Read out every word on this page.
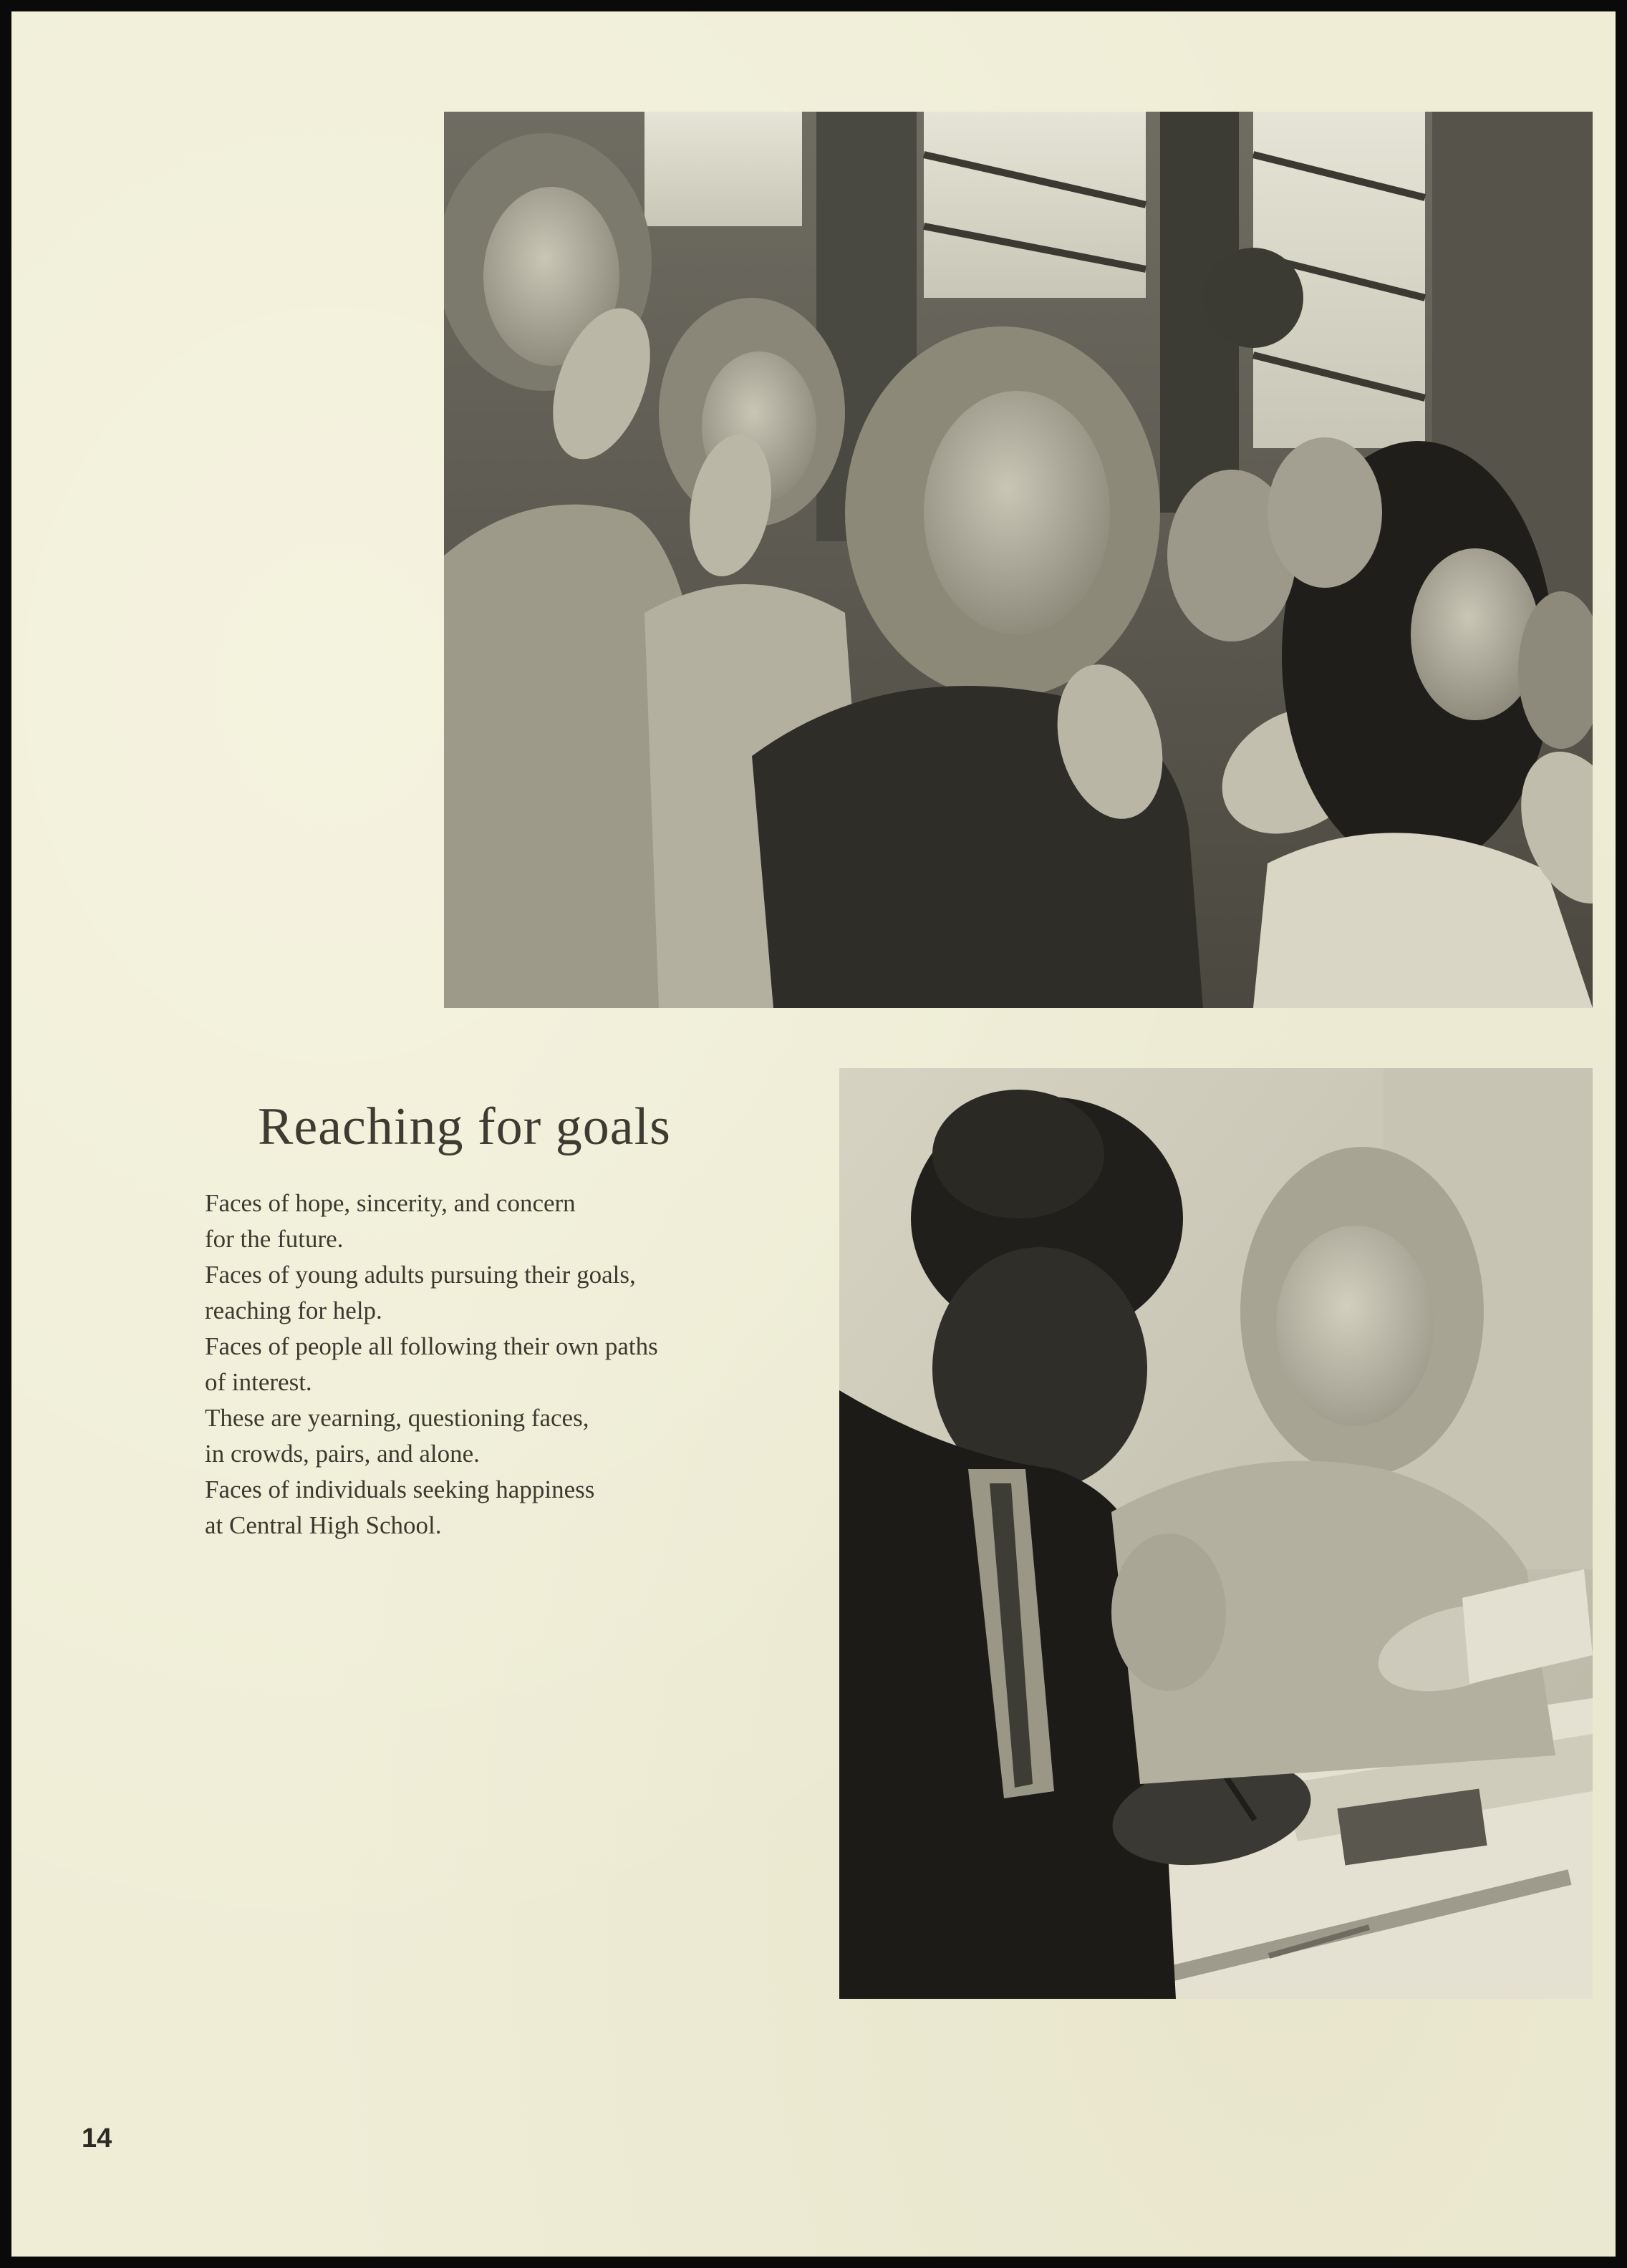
Reaching for goals
Faces of hope, sincerity, and concern
for the future.
Faces of young adults pursuing their goals,
reaching for help.
Faces of people all following their own paths
of interest.
These are yearning, questioning faces,
in crowds, pairs, and alone.
Faces of individuals seeking happiness
at Central High School.
14
